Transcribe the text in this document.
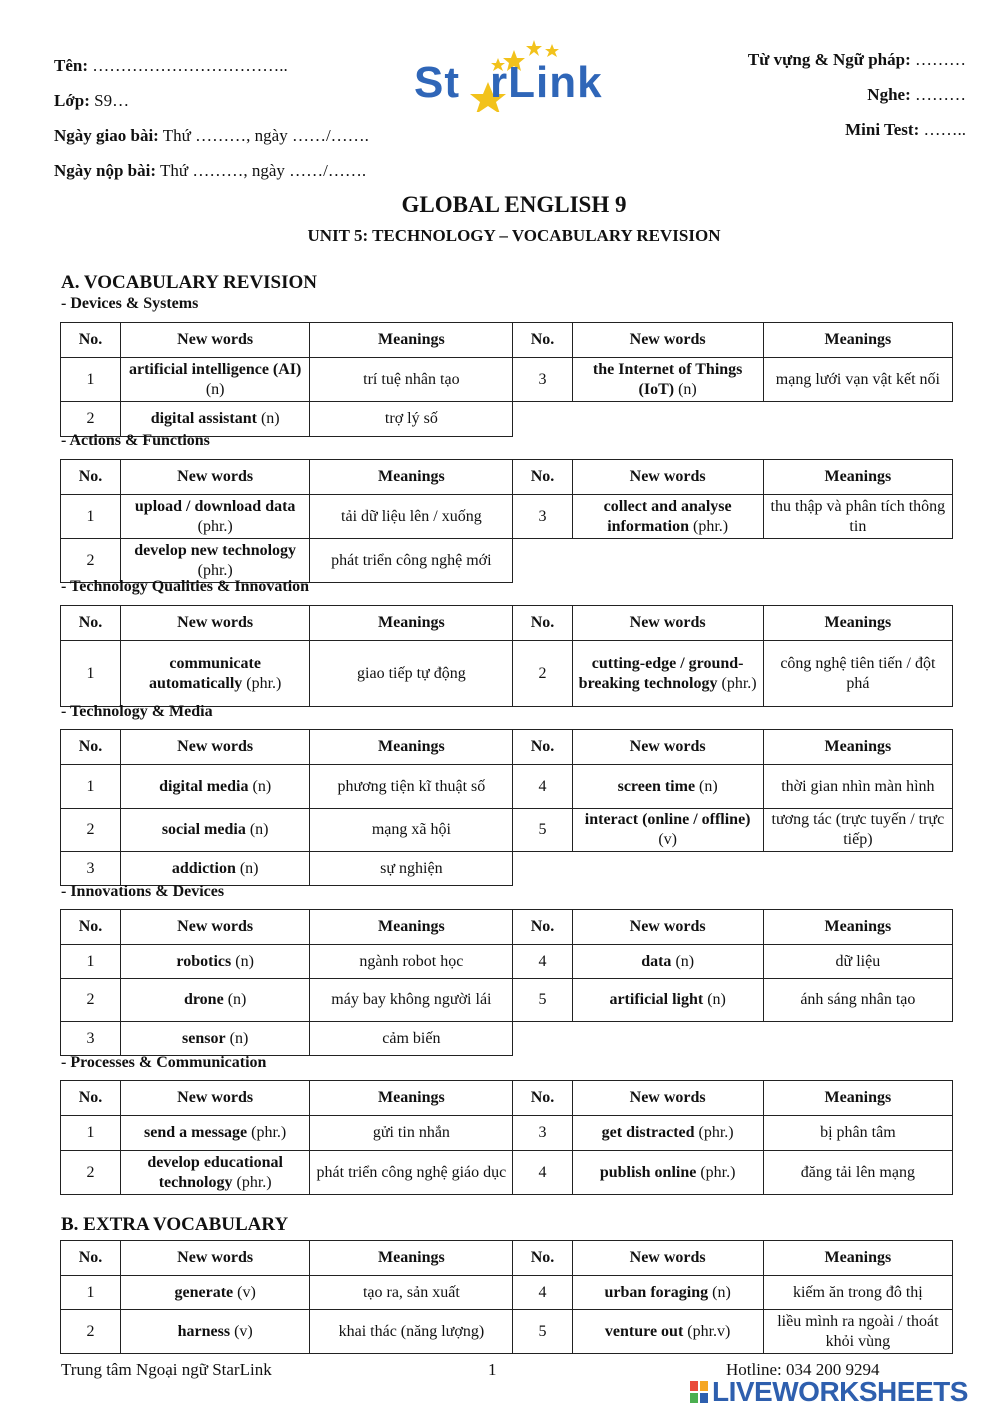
Tên: ……………………………..
Lớp: S9…
Ngày giao bài: Thứ ………, ngày ……/…….
Ngày nộp bài: Thứ ………, ngày ……/…….
St rLink	Từ vựng & Ngữ pháp: ………
Nghe: ………
Mini Test: ……..
GLOBAL ENGLISH 9
UNIT 5: TECHNOLOGY – VOCABULARY REVISION
A. VOCABULARY REVISION
- Devices & Systems
No.	New words	Meanings	No.	New words	Meanings
1	artificial intelligence (AI) (n)	trí tuệ nhân tạo	3	the Internet of Things (IoT) (n)	mạng lưới vạn vật kết nối
2	digital assistant (n)	trợ lý số			
- Actions & Functions
No.	New words	Meanings	No.	New words	Meanings
1	upload / download data (phr.)	tải dữ liệu lên / xuống	3	collect and analyse information (phr.)	thu thập và phân tích thông tin
2	develop new technology (phr.)	phát triển công nghệ mới			
- Technology Qualities & Innovation
No.	New words	Meanings	No.	New words	Meanings
1	communicate automatically (phr.)	giao tiếp tự động	2	cutting-edge / ground-breaking technology (phr.)	công nghệ tiên tiến / đột phá
- Technology & Media
No.	New words	Meanings	No.	New words	Meanings
1	digital media (n)	phương tiện kĩ thuật số	4	screen time (n)	thời gian nhìn màn hình
2	social media (n)	mạng xã hội	5	interact (online / offline) (v)	tương tác (trực tuyến / trực tiếp)
3	addiction (n)	sự nghiện			
- Innovations & Devices
No.	New words	Meanings	No.	New words	Meanings
1	robotics (n)	ngành robot học	4	data (n)	dữ liệu
2	drone (n)	máy bay không người lái	5	artificial light (n)	ánh sáng nhân tạo
3	sensor (n)	cảm biến			
- Processes & Communication
No.	New words	Meanings	No.	New words	Meanings
1	send a message (phr.)	gửi tin nhắn	3	get distracted (phr.)	bị phân tâm
2	develop educational technology (phr.)	phát triển công nghệ giáo dục	4	publish online (phr.)	đăng tải lên mạng
B. EXTRA VOCABULARY
No.	New words	Meanings	No.	New words	Meanings
1	generate (v)	tạo ra, sản xuất	4	urban foraging (n)	kiếm ăn trong đô thị
2	harness (v)	khai thác (năng lượng)	5	venture out (phr.v)	liều mình ra ngoài / thoát khỏi vùng
Trung tâm Ngoại ngữ StarLink	1	Hotline: 034 200 9294
LIVEWORKSHEETS
